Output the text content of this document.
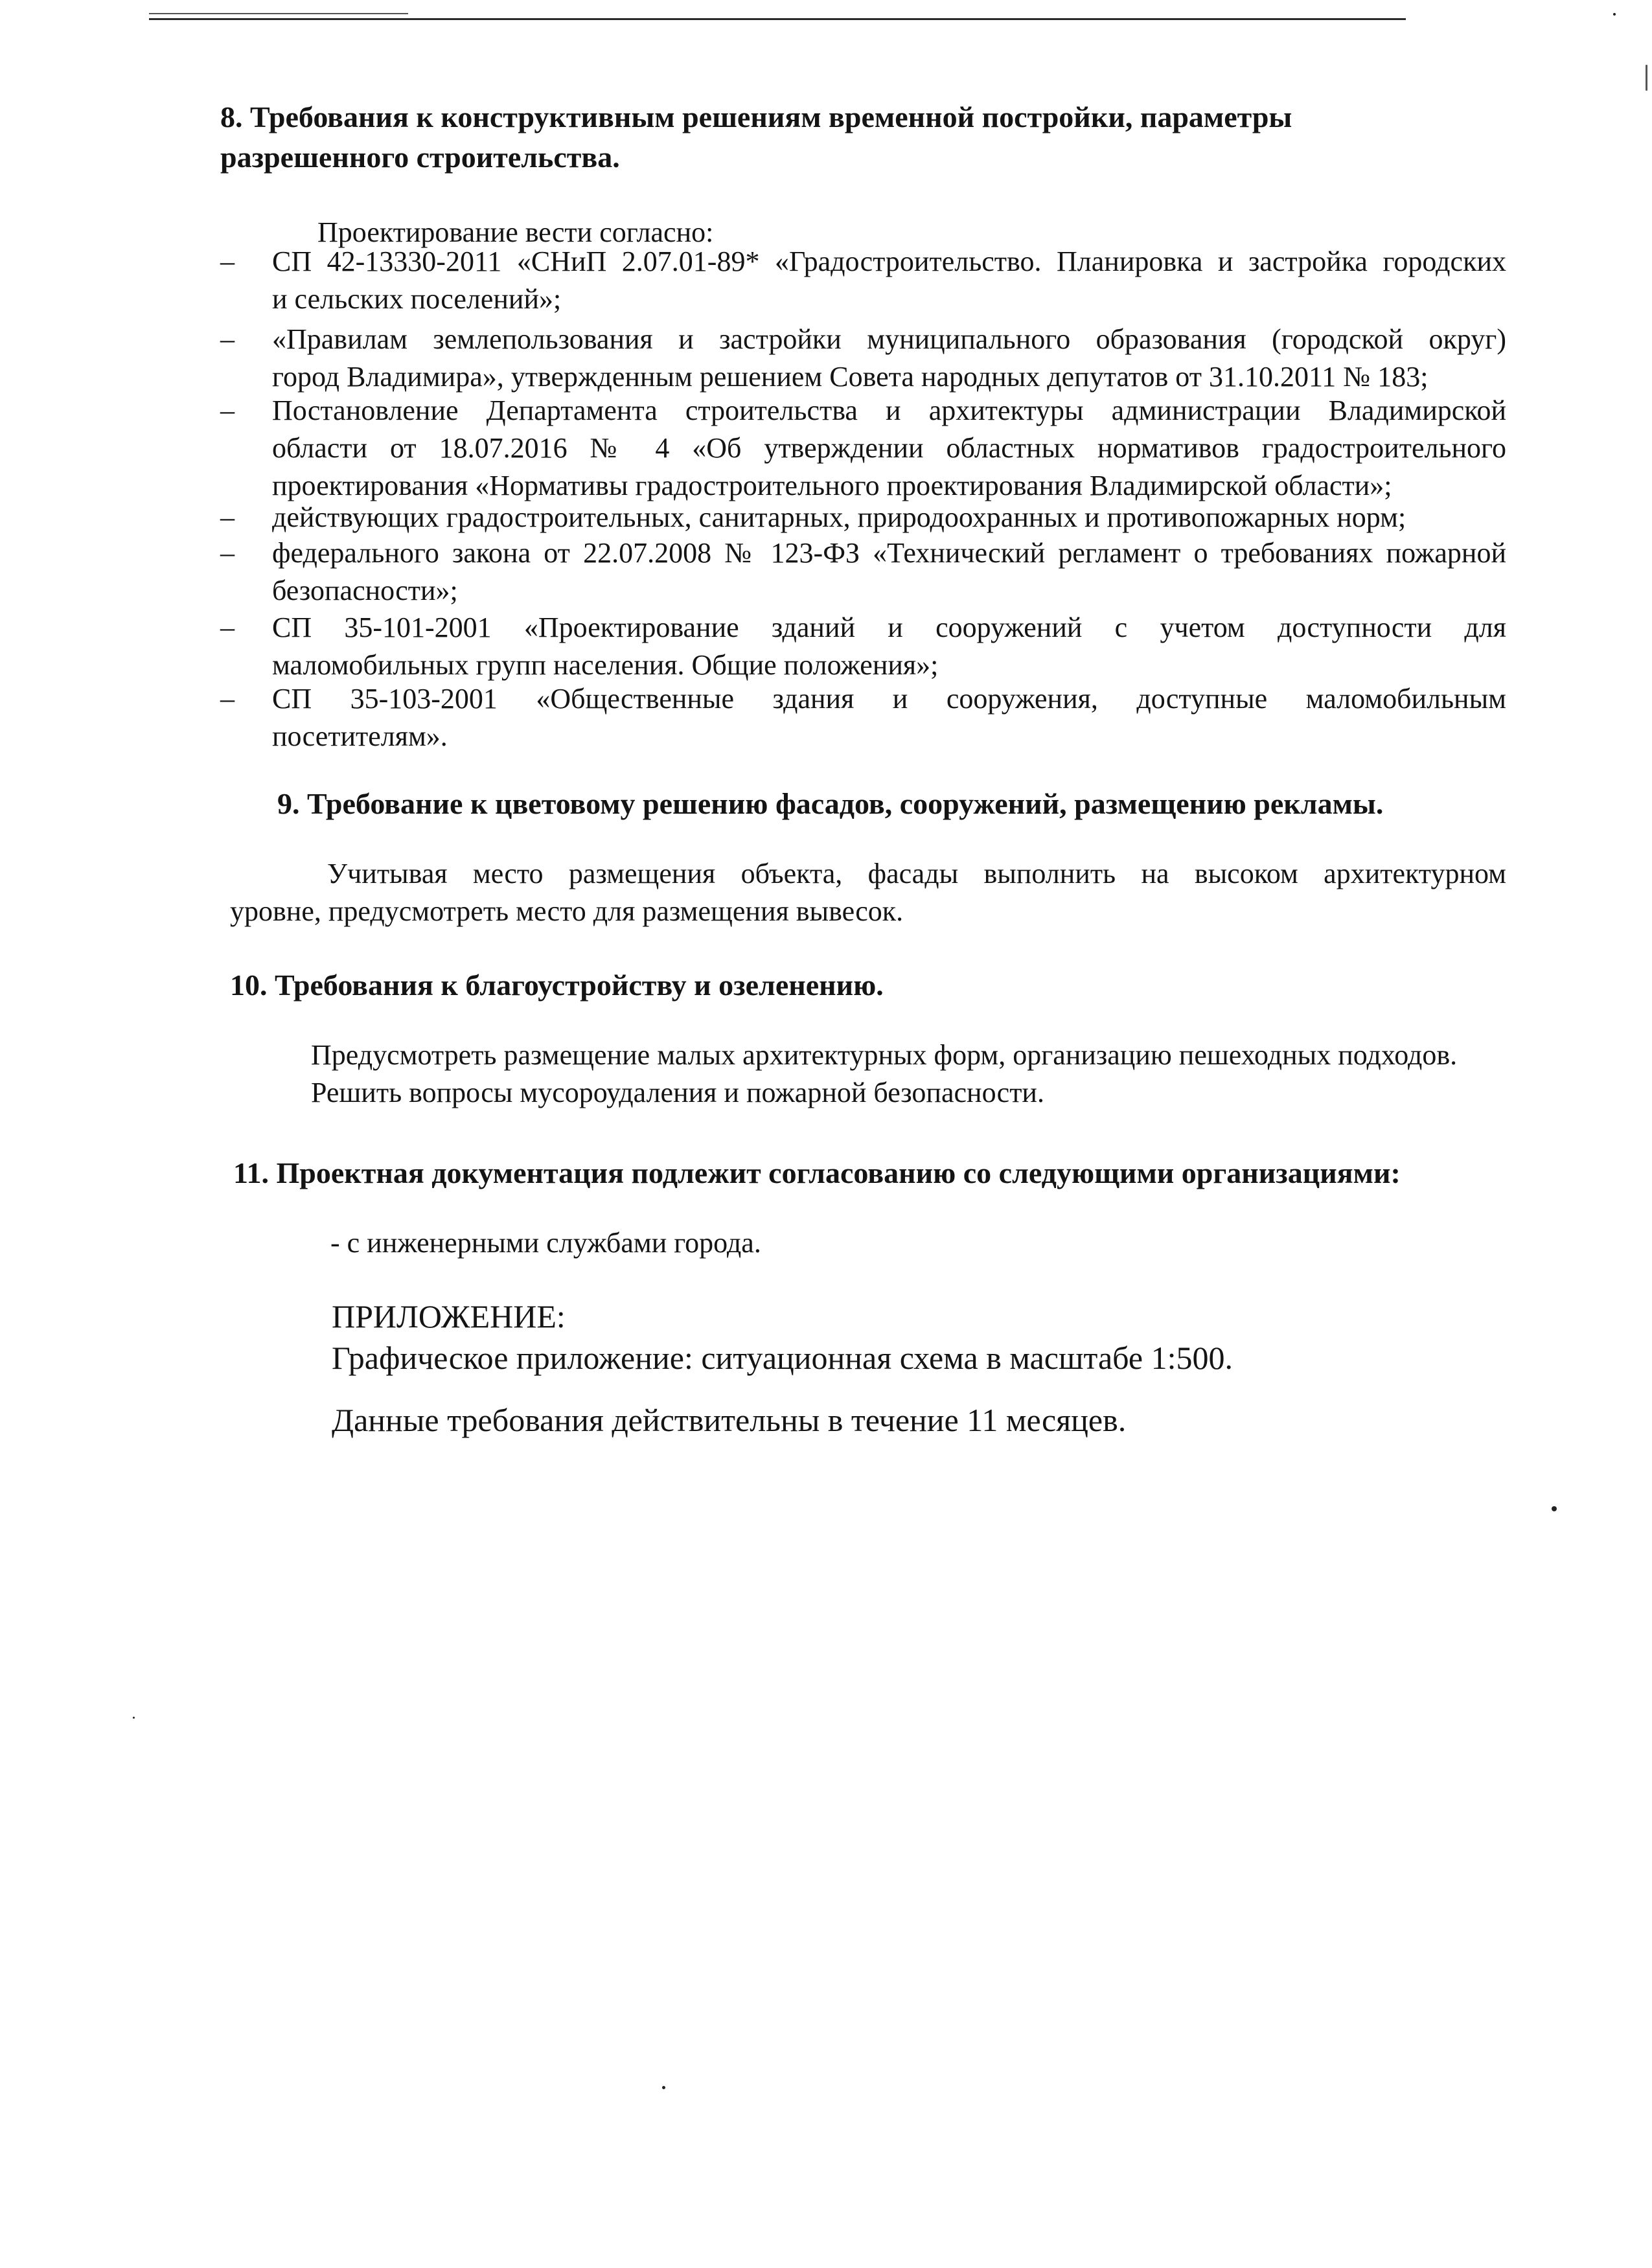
8. Требования к конструктивным решениям временной постройки, параметры
разрешенного строительства.
Проектирование вести согласно:
– СП 42-13330-2011 «СНиП 2.07.01-89* «Градостроительство. Планировка и застройка городских
и сельских поселений»;
– «Правилам землепользования и застройки муниципального образования (городской округ)
город Владимира», утвержденным решением Совета народных депутатов от 31.10.2011 № 183;
– Постановление Департамента строительства и архитектуры администрации Владимирской
области от 18.07.2016 № 4 «Об утверждении областных нормативов градостроительного
проектирования «Нормативы градостроительного проектирования Владимирской области»;
– действующих градостроительных, санитарных, природоохранных и противопожарных норм;
– федерального закона от 22.07.2008 № 123-ФЗ «Технический регламент о требованиях пожарной
безопасности»;
– СП 35-101-2001 «Проектирование зданий и сооружений с учетом доступности для
маломобильных групп населения. Общие положения»;
– СП 35-103-2001 «Общественные здания и сооружения, доступные маломобильным
посетителям».
9. Требование к цветовому решению фасадов, сооружений, размещению рекламы.
Учитывая место размещения объекта, фасады выполнить на высоком архитектурном
уровне, предусмотреть место для размещения вывесок.
10. Требования к благоустройству и озеленению.
Предусмотреть размещение малых архитектурных форм, организацию пешеходных подходов.
Решить вопросы мусороудаления и пожарной безопасности.
11. Проектная документация подлежит согласованию со следующими организациями:
- с инженерными службами города.
ПРИЛОЖЕНИЕ:
Графическое приложение: ситуационная схема в масштабе 1:500.
Данные требования действительны в течение 11 месяцев.
